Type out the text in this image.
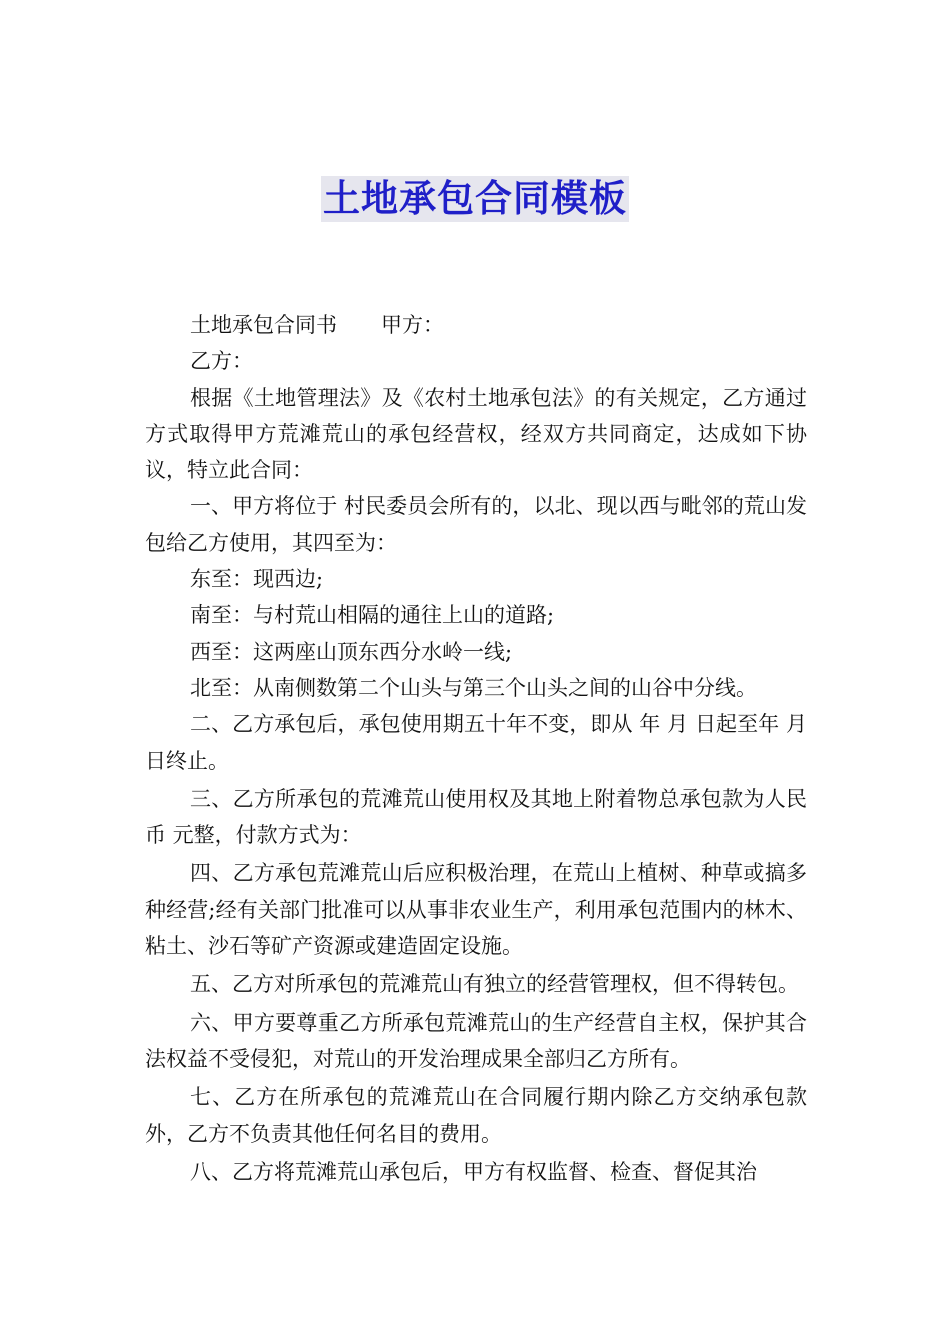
土地承包合同模板

土地承包合同书 甲方：

乙方：

根据《土地管理法》及《农村土地承包法》的有关规定，乙方通过 方式取得甲方荒滩荒山的承包经营权，经双方共同商定，达成如下协议，特立此合同：

一、甲方将位于 村民委员会所有的，以北、现以西与毗邻的荒山发包给乙方使用，其四至为：

东至：现西边;

南至：与村荒山相隔的通往上山的道路;

西至：这两座山顶东西分水岭一线;

北至：从南侧数第二个山头与第三个山头之间的山谷中分线。

二、乙方承包后，承包使用期五十年不变，即从 年 月 日起至年 月 日终止。

三、乙方所承包的荒滩荒山使用权及其地上附着物总承包款为人民币 元整，付款方式为：

四、乙方承包荒滩荒山后应积极治理，在荒山上植树、种草或搞多种经营;经有关部门批准可以从事非农业生产，利用承包范围内的林木、粘土、沙石等矿产资源或建造固定设施。

五、乙方对所承包的荒滩荒山有独立的经营管理权，但不得转包。

六、甲方要尊重乙方所承包荒滩荒山的生产经营自主权，保护其合法权益不受侵犯，对荒山的开发治理成果全部归乙方所有。

七、乙方在所承包的荒滩荒山在合同履行期内除乙方交纳承包款外，乙方不负责其他任何名目的费用。

八、乙方将荒滩荒山承包后，甲方有权监督、检查、督促其治
